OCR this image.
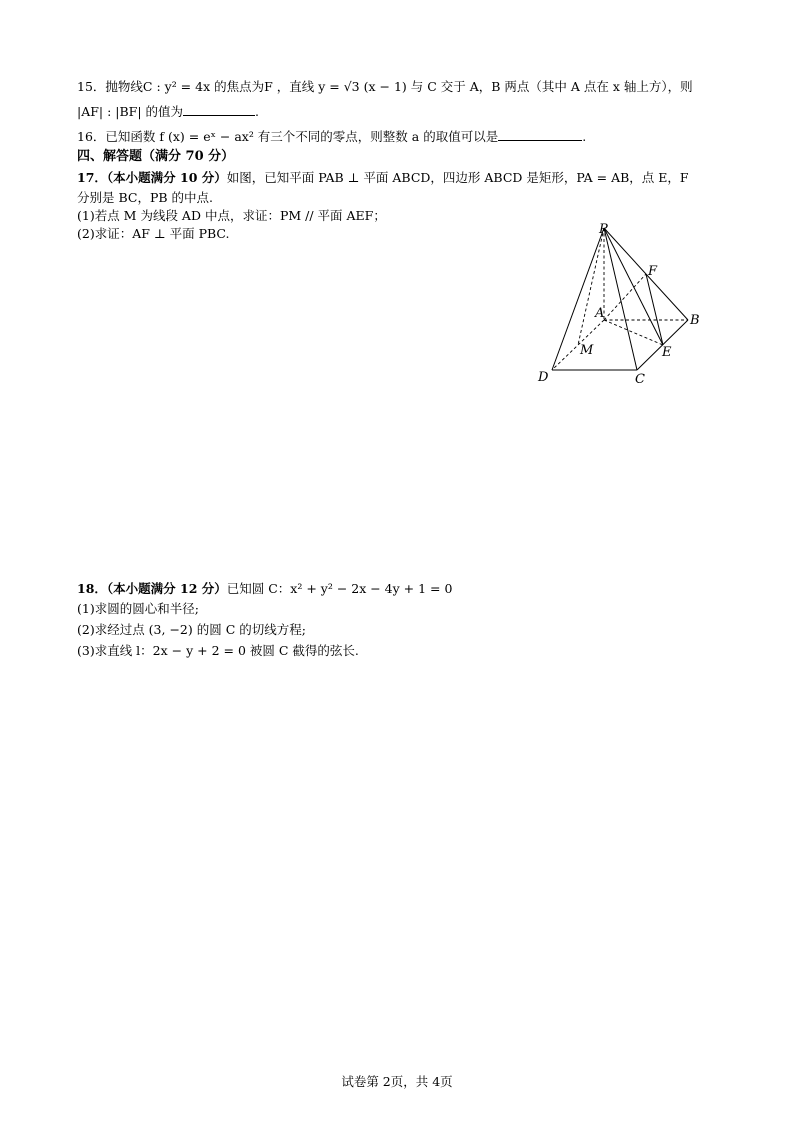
15．抛物线C : y² = 4x 的焦点为F ，直线 y = √3 (x − 1) 与 C 交于 A，B 两点（其中 A 点在 x 轴上方），则
|AF| : |BF| 的值为	.
16．已知函数 f (x) = eˣ − ax² 有三个不同的零点，则整数 a 的取值可以是	.
四、解答题（满分 70 分）
17．（本小题满分 10 分）如图，已知平面 PAB ⊥ 平面 ABCD，四边形 ABCD 是矩形，PA = AB，点 E，F
分别是 BC，PB 的中点.
(1)若点 M 为线段 AD 中点，求证：PM // 平面 AEF；
(2)求证：AF ⊥ 平面 PBC.	P
F
A	B
M	E
D	C
18．（本小题满分 12 分）已知圆 C：x² + y² − 2x − 4y + 1 = 0
(1)求圆的圆心和半径;
(2)求经过点 (3, −2) 的圆 C 的切线方程;
(3)求直线 l：2x − y + 2 = 0 被圆 C 截得的弦长.
试卷第 2页，共 4页
